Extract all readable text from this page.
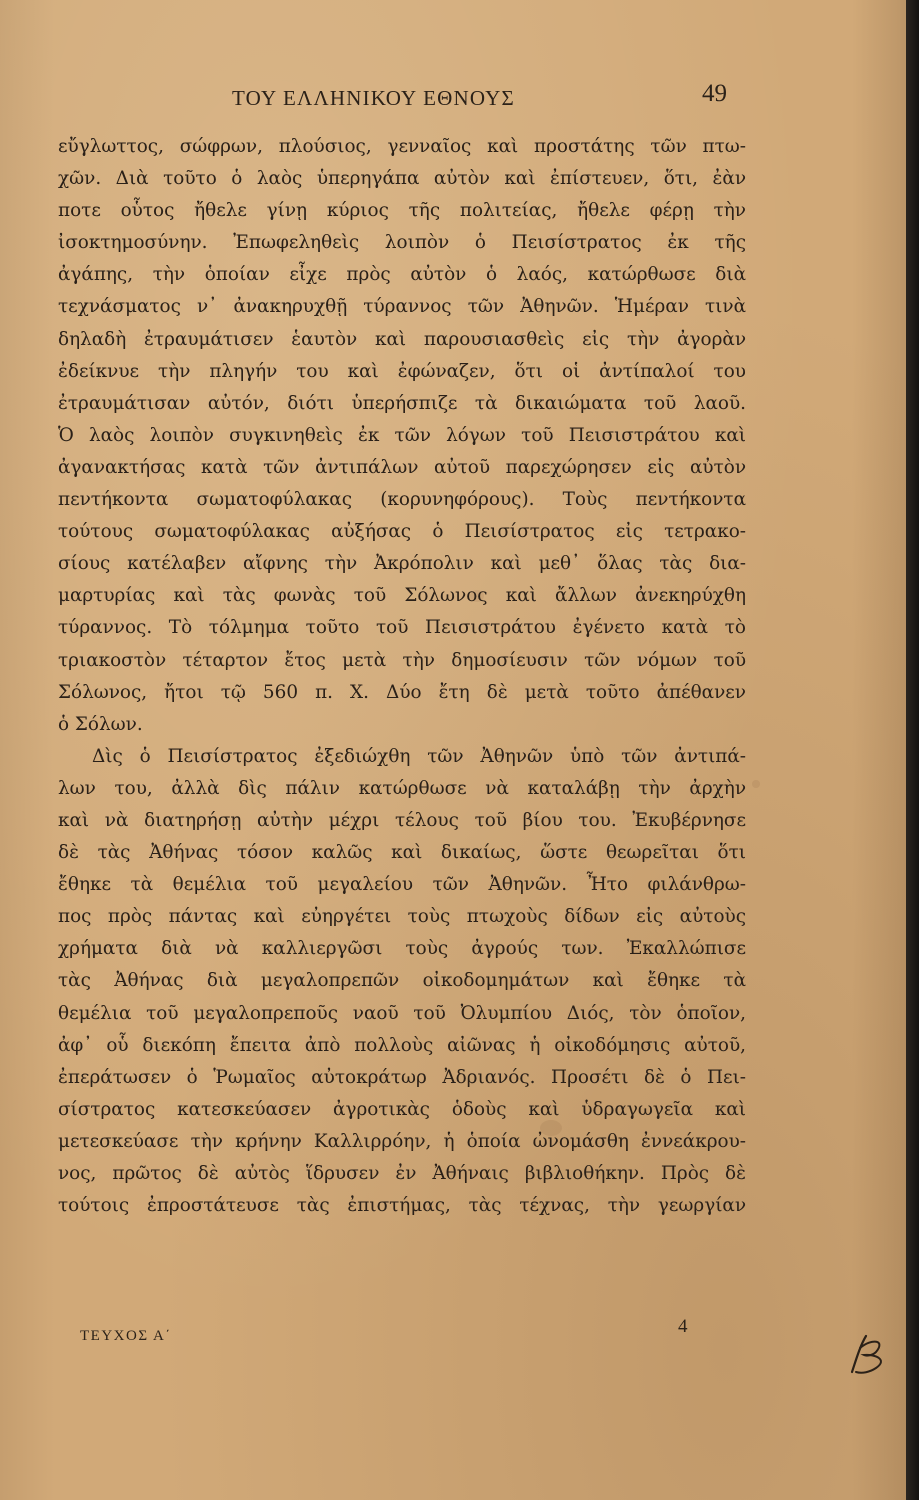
ΤΟΥ ΕΛΛΗΝΙΚΟΥ ΕΘΝΟΥΣ	49
εὔγλωττος, σώφρων, πλούσιος, γενναῖος καὶ προστάτης τῶν πτω-
χῶν. Διὰ τοῦτο ὁ λαὸς ὑπερηγάπα αὐτὸν καὶ ἐπίστευεν, ὅτι, ἐὰν
ποτε οὗτος ἤθελε γίνῃ κύριος τῆς πολιτείας, ἤθελε φέρῃ τὴν
ἰσοκτημοσύνην. Ἐπωφεληθεὶς λοιπὸν ὁ Πεισίστρατος ἐκ τῆς
ἀγάπης, τὴν ὁποίαν εἶχε πρὸς αὐτὸν ὁ λαός, κατώρθωσε διὰ
τεχνάσματος ν᾽ ἀνακηρυχθῇ τύραννος τῶν Ἀθηνῶν. Ἡμέραν τινὰ
δηλαδὴ ἐτραυμάτισεν ἑαυτὸν καὶ παρουσιασθεὶς εἰς τὴν ἀγορὰν
ἐδείκνυε τὴν πληγήν του καὶ ἐφώναζεν, ὅτι οἱ ἀντίπαλοί του
ἐτραυμάτισαν αὐτόν, διότι ὑπερήσπιζε τὰ δικαιώματα τοῦ λαοῦ.
Ὁ λαὸς λοιπὸν συγκινηθεὶς ἐκ τῶν λόγων τοῦ Πεισιστράτου καὶ
ἀγανακτήσας κατὰ τῶν ἀντιπάλων αὐτοῦ παρεχώρησεν εἰς αὐτὸν
πεντήκοντα σωματοφύλακας (κορυνηφόρους). Τοὺς πεντήκοντα
τούτους σωματοφύλακας αὐξήσας ὁ Πεισίστρατος εἰς τετρακο-
σίους κατέλαβεν αἴφνης τὴν Ἀκρόπολιν καὶ μεθ᾽ ὅλας τὰς δια-
μαρτυρίας καὶ τὰς φωνὰς τοῦ Σόλωνος καὶ ἄλλων ἀνεκηρύχθη
τύραννος. Τὸ τόλμημα τοῦτο τοῦ Πεισιστράτου ἐγένετο κατὰ τὸ
τριακοστὸν τέταρτον ἔτος μετὰ τὴν δημοσίευσιν τῶν νόμων τοῦ
Σόλωνος, ἤτοι τῷ 560 π. Χ. Δύο ἔτη δὲ μετὰ τοῦτο ἀπέθανεν
ὁ Σόλων.
Δὶς ὁ Πεισίστρατος ἐξεδιώχθη τῶν Ἀθηνῶν ὑπὸ τῶν ἀντιπά-
λων του, ἀλλὰ δὶς πάλιν κατώρθωσε νὰ καταλάβῃ τὴν ἀρχὴν
καὶ νὰ διατηρήσῃ αὐτὴν μέχρι τέλους τοῦ βίου του. Ἐκυβέρνησε
δὲ τὰς Ἀθήνας τόσον καλῶς καὶ δικαίως, ὥστε θεωρεῖται ὅτι
ἔθηκε τὰ θεμέλια τοῦ μεγαλείου τῶν Ἀθηνῶν. Ἦτο φιλάνθρω-
πος πρὸς πάντας καὶ εὐηργέτει τοὺς πτωχοὺς δίδων εἰς αὐτοὺς
χρήματα διὰ νὰ καλλιεργῶσι τοὺς ἀγρούς των. Ἐκαλλώπισε
τὰς Ἀθήνας διὰ μεγαλοπρεπῶν οἰκοδομημάτων καὶ ἔθηκε τὰ
θεμέλια τοῦ μεγαλοπρεποῦς ναοῦ τοῦ Ὀλυμπίου Διός, τὸν ὁποῖον,
ἀφ᾽ οὗ διεκόπη ἔπειτα ἀπὸ πολλοὺς αἰῶνας ἡ οἰκοδόμησις αὐτοῦ,
ἐπεράτωσεν ὁ Ῥωμαῖος αὐτοκράτωρ Ἀδριανός. Προσέτι δὲ ὁ Πει-
σίστρατος κατεσκεύασεν ἀγροτικὰς ὁδοὺς καὶ ὑδραγωγεῖα καὶ
μετεσκεύασε τὴν κρήνην Καλλιρρόην, ἡ ὁποία ὠνομάσθη ἐννεάκρου-
νος, πρῶτος δὲ αὐτὸς ἵδρυσεν ἐν Ἀθήναις βιβλιοθήκην. Πρὸς δὲ
τούτοις ἐπροστάτευσε τὰς ἐπιστήμας, τὰς τέχνας, τὴν γεωργίαν
ΤΕΥΧΟΣ Α΄	4
